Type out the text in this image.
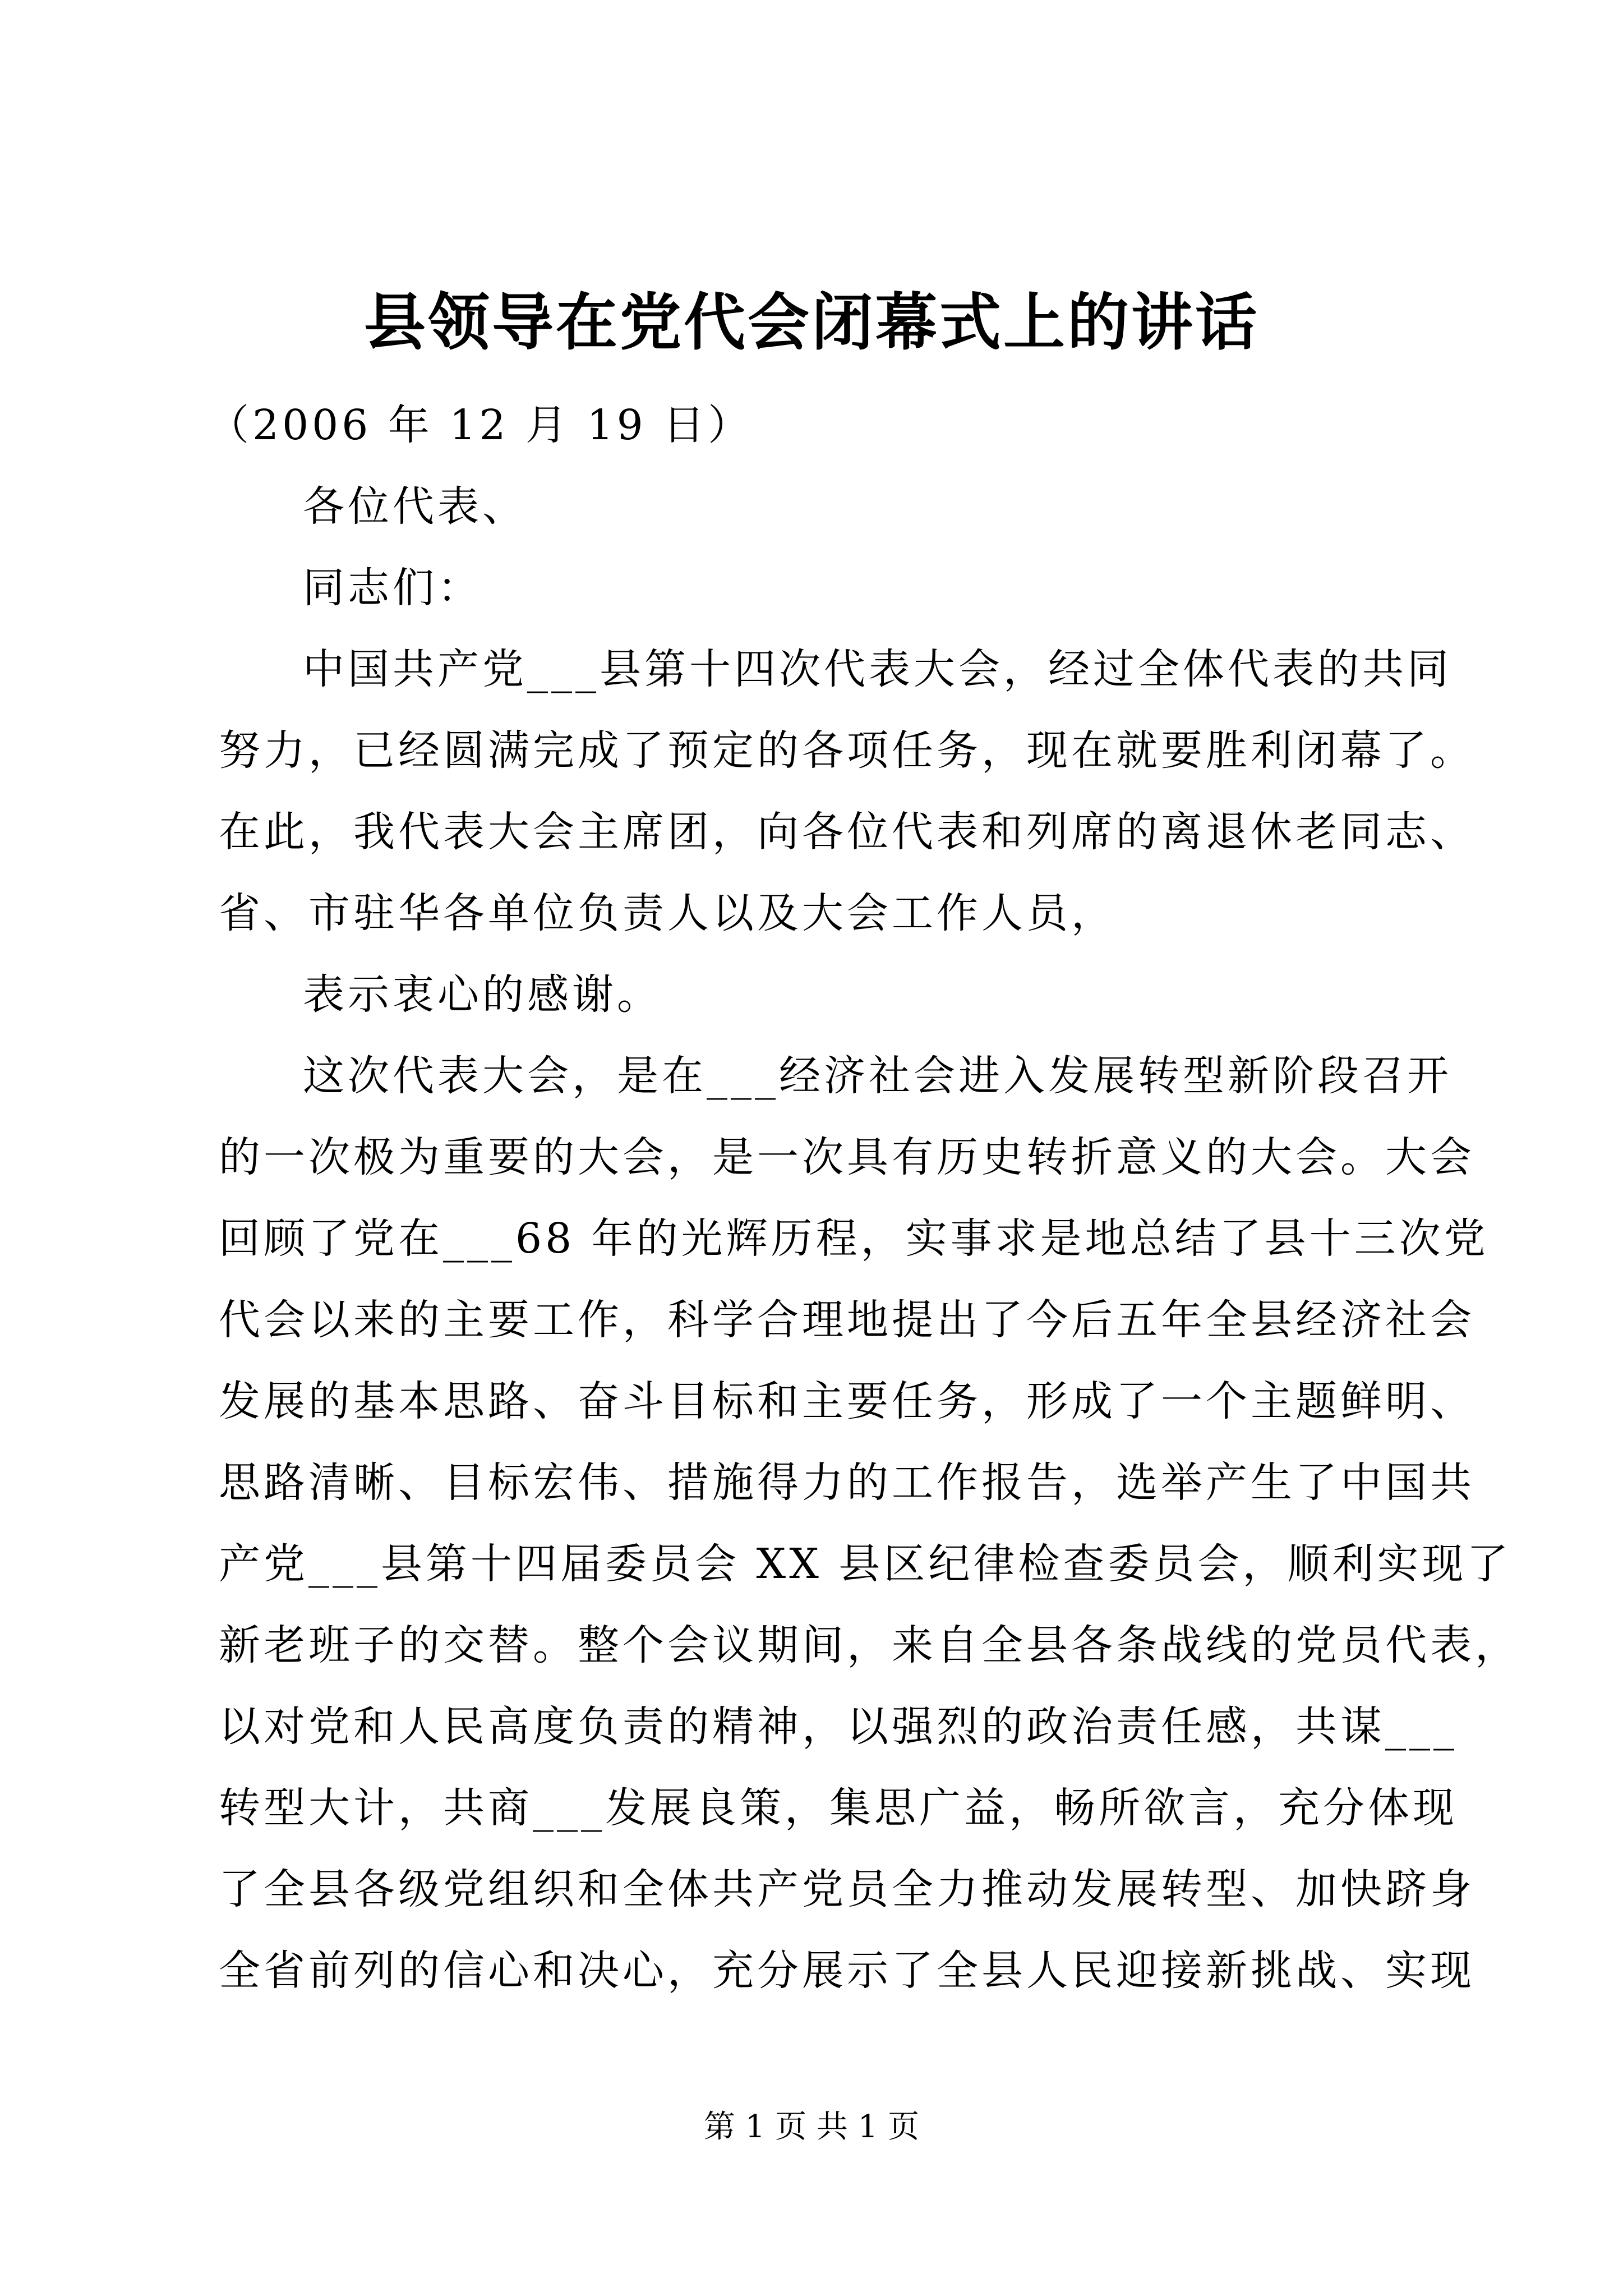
县领导在党代会闭幕式上的讲话
（2006 年 12 月 19 日）
各位代表、
同志们：
中国共产党___县第十四次代表大会，经过全体代表的共同
努力，已经圆满完成了预定的各项任务，现在就要胜利闭幕了。
在此，我代表大会主席团，向各位代表和列席的离退休老同志、
省、市驻华各单位负责人以及大会工作人员，
表示衷心的感谢。
这次代表大会，是在___经济社会进入发展转型新阶段召开
的一次极为重要的大会，是一次具有历史转折意义的大会。大会
回顾了党在___68 年的光辉历程，实事求是地总结了县十三次党
代会以来的主要工作，科学合理地提出了今后五年全县经济社会
发展的基本思路、奋斗目标和主要任务，形成了一个主题鲜明、
思路清晰、目标宏伟、措施得力的工作报告，选举产生了中国共
产党___县第十四届委员会 XX 县区纪律检查委员会，顺利实现了
新老班子的交替。整个会议期间，来自全县各条战线的党员代表，
以对党和人民高度负责的精神，以强烈的政治责任感，共谋___
转型大计，共商___发展良策，集思广益，畅所欲言，充分体现
了全县各级党组织和全体共产党员全力推动发展转型、加快跻身
全省前列的信心和决心，充分展示了全县人民迎接新挑战、实现
第 1 页 共 1 页
